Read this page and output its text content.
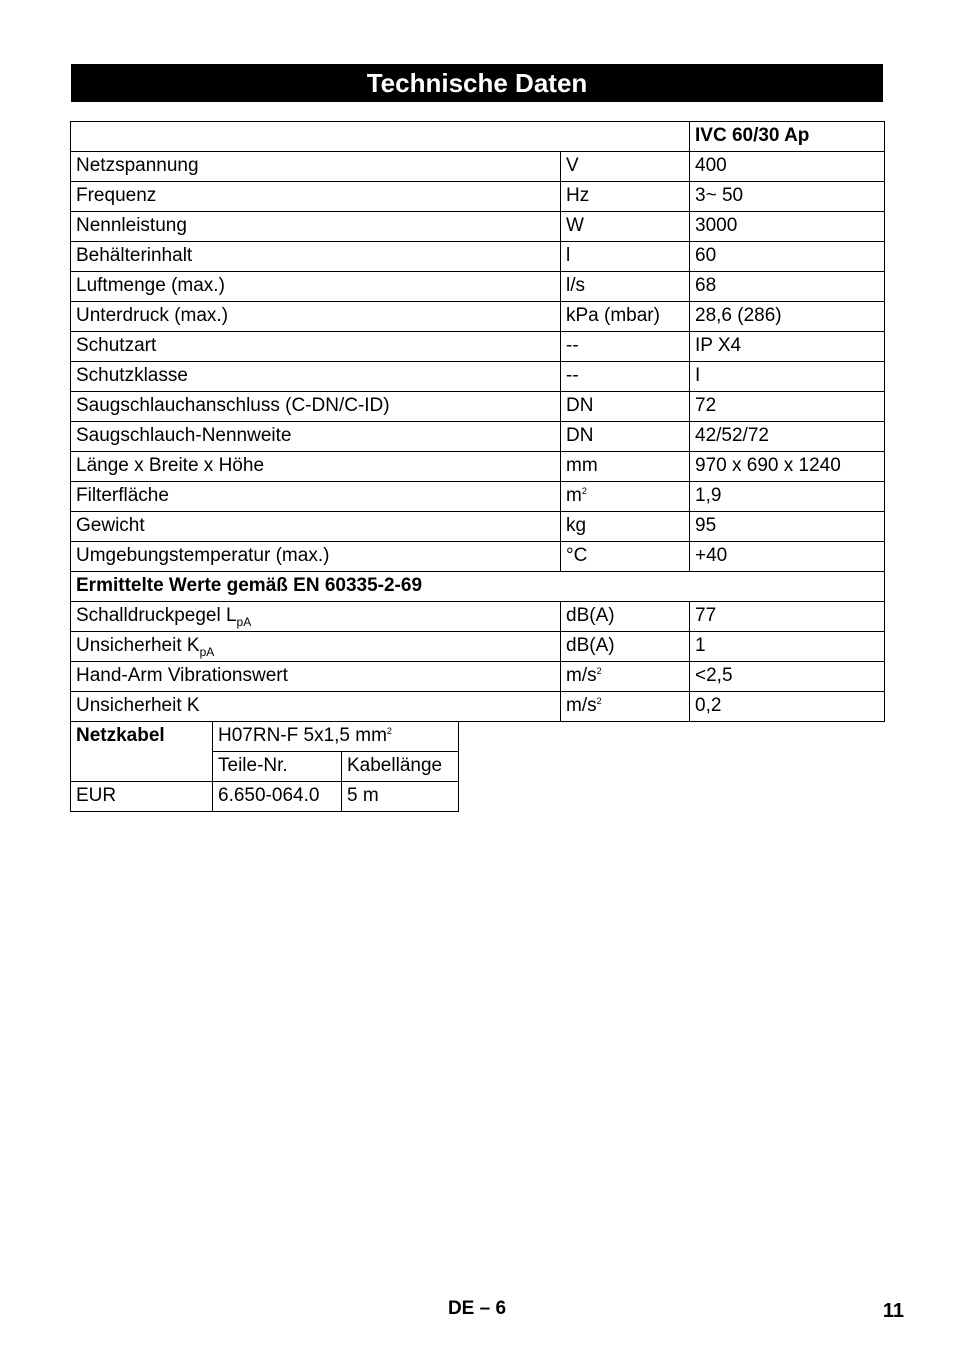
Technische Daten
		IVC 60/30 Ap
Netzspannung	V	400
Frequenz	Hz	3~ 50
Nennleistung	W	3000
Behälterinhalt	l	60
Luftmenge (max.)	l/s	68
Unterdruck (max.)	kPa (mbar)	28,6 (286)
Schutzart	--	IP X4
Schutzklasse	--	I
Saugschlauchanschluss (C-DN/C-ID)	DN	72
Saugschlauch-Nennweite	DN	42/52/72
Länge x Breite x Höhe	mm	970 x 690 x 1240
Filterfläche	$m^2$	1,9
Gewicht	kg	95
Umgebungstemperatur (max.)	°C	+40
Ermittelte Werte gemäß EN 60335-2-69		
Schalldruckpegel $L_{pA}$	dB(A)	77
Unsicherheit $K_{pA}$	dB(A)	1
Hand-Arm Vibrationswert	$m/s^2$	<2,5
Unsicherheit K	$m/s^2$	0,2
Netzkabel	H07RN-F 5x1,5 $mm^2$
	Teile-Nr.	Kabellänge
EUR	6.650-064.0	5 m
DE – 6	11
